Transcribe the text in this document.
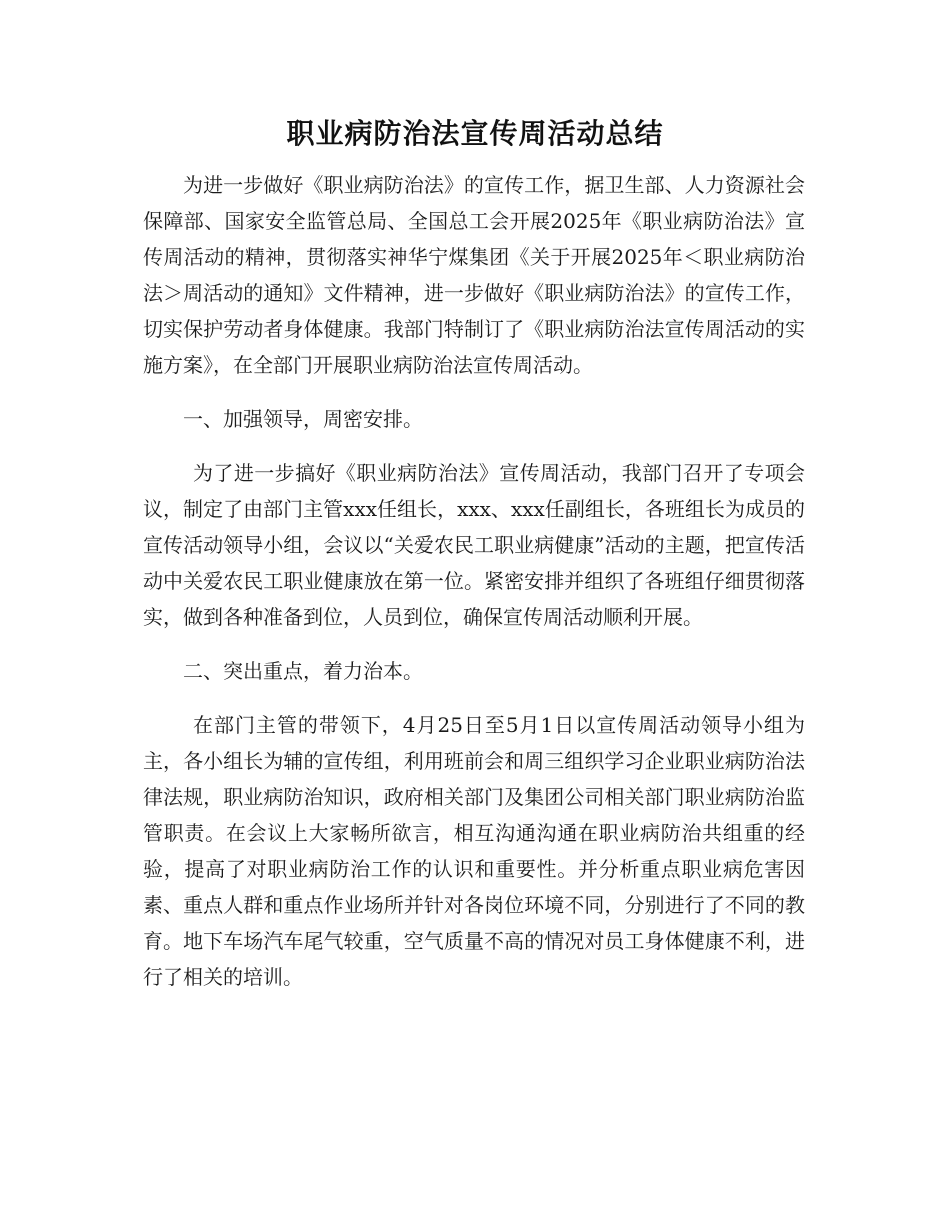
职业病防治法宣传周活动总结

为进一步做好《职业病防治法》的宣传工作，据卫生部、人力资源社会保障部、国家安全监管总局、全国总工会开展2025年《职业病防治法》宣传周活动的精神，贯彻落实神华宁煤集团《关于开展2025年＜职业病防治法＞周活动的通知》文件精神，进一步做好《职业病防治法》的宣传工作，切实保护劳动者身体健康。我部门特制订了《职业病防治法宣传周活动的实施方案》，在全部门开展职业病防治法宣传周活动。

一、加强领导，周密安排。

为了进一步搞好《职业病防治法》宣传周活动，我部门召开了专项会议，制定了由部门主管xxx任组长，xxx、xxx任副组长，各班组长为成员的宣传活动领导小组，会议以“关爱农民工职业病健康”活动的主题，把宣传活动中关爱农民工职业健康放在第一位。紧密安排并组织了各班组仔细贯彻落实，做到各种准备到位，人员到位，确保宣传周活动顺利开展。

二、突出重点，着力治本。

在部门主管的带领下，4月25日至5月1日以宣传周活动领导小组为主，各小组长为辅的宣传组，利用班前会和周三组织学习企业职业病防治法律法规，职业病防治知识，政府相关部门及集团公司相关部门职业病防治监管职责。在会议上大家畅所欲言，相互沟通沟通在职业病防治共组重的经验，提高了对职业病防治工作的认识和重要性。并分析重点职业病危害因素、重点人群和重点作业场所并针对各岗位环境不同，分别进行了不同的教育。地下车场汽车尾气较重，空气质量不高的情况对员工身体健康不利，进行了相关的培训。
